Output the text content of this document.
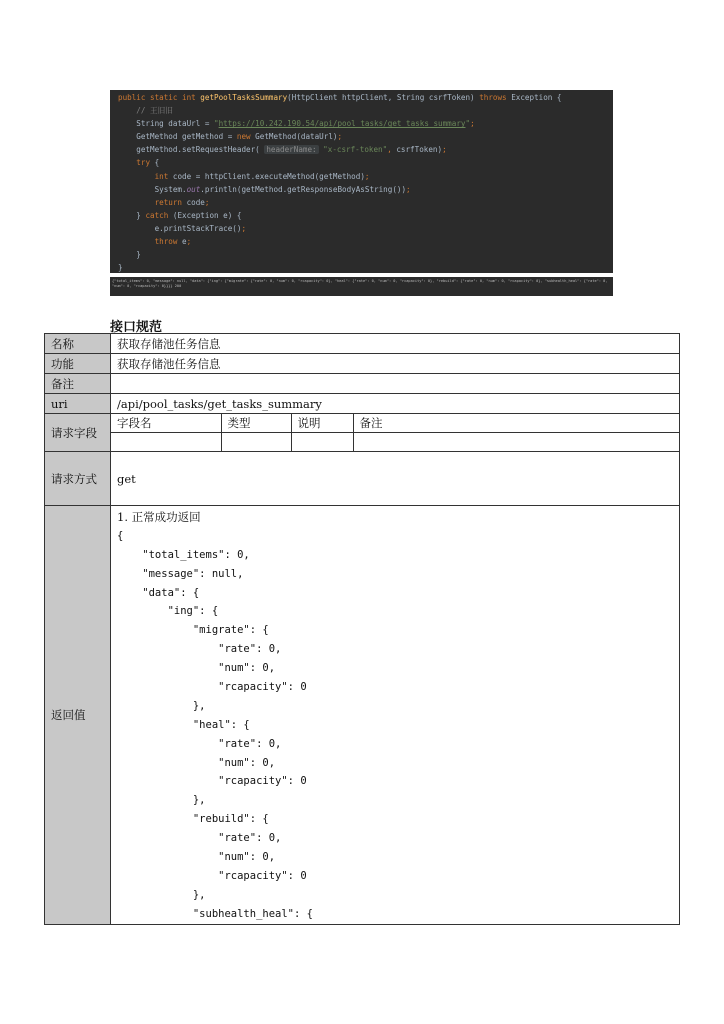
public static int getPoolTasksSummary(HttpClient httpClient, String csrfToken) throws Exception {
// 王旧旧
String dataUrl = "https://10.242.190.54/api/pool_tasks/get_tasks_summary";
GetMethod getMethod = new GetMethod(dataUrl);
getMethod.setRequestHeader( headerName: "x-csrf-token", csrfToken);
try {
int code = httpClient.executeMethod(getMethod);
System.out.println(getMethod.getResponseBodyAsString());
return code;
} catch (Exception e) {
e.printStackTrace();
throw e;
}
}
{"total_items": 0, "message": null, "data": {"ing": {"migrate": {"rate": 0, "num": 0, "rcapacity": 0}, "heal": {"rate": 0, "num": 0, "rcapacity": 0}, "rebuild": {"rate": 0, "num": 0, "rcapacity": 0}, "subhealth_heal": {"rate": 0, "num": 0, "rcapacity": 0}}}} 200
接口规范
名称	获取存储池任务信息
功能	获取存储池任务信息
备注	
uri	/api/pool_tasks/get_tasks_summary
请求字段	
字段名	类型	说明	备注

请求方式	get
返回值	
1. 正常成功返回
{
"total_items": 0,
"message": null,
"data": {
"ing": {
"migrate": {
"rate": 0,
"num": 0,
"rcapacity": 0
},
"heal": {
"rate": 0,
"num": 0,
"rcapacity": 0
},
"rebuild": {
"rate": 0,
"num": 0,
"rcapacity": 0
},
"subhealth_heal": {
